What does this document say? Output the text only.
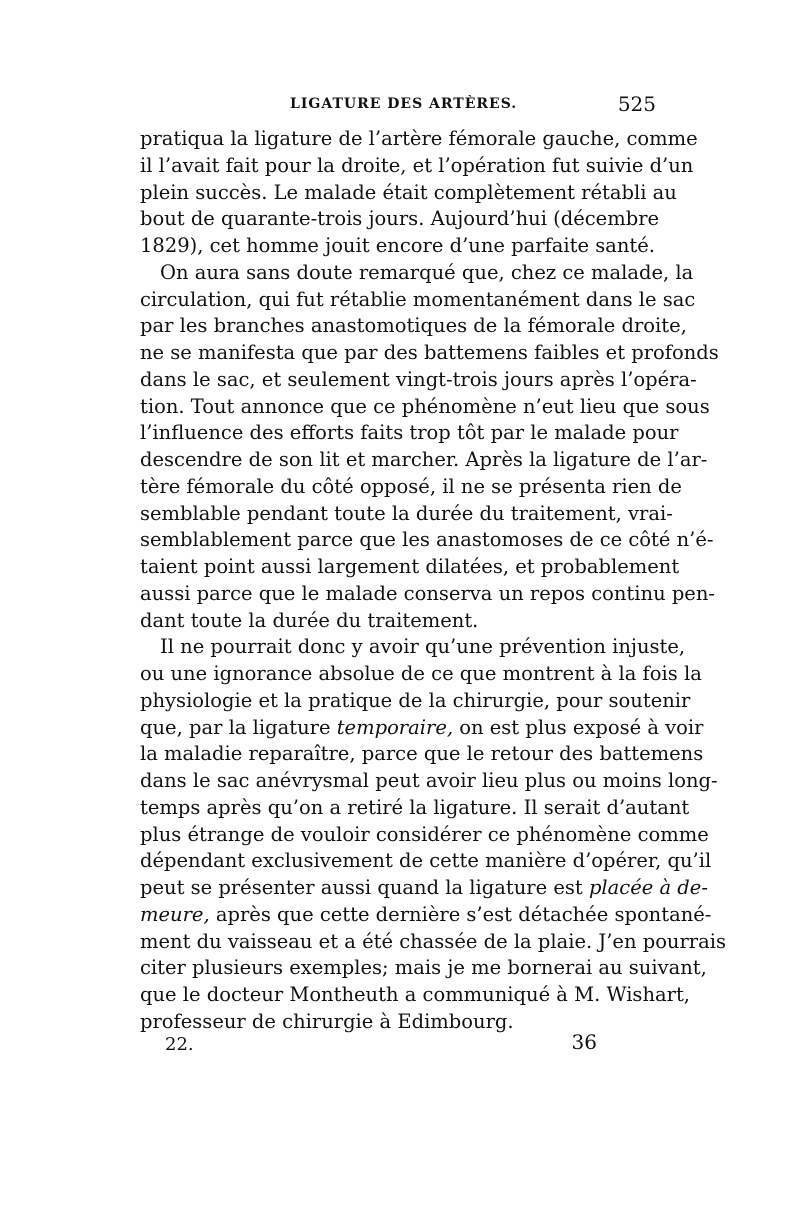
LIGATURE DES ARTÈRES.	525
pratiqua la ligature de l’artère fémorale gauche, comme
il l’avait fait pour la droite, et l’opération fut suivie d’un
plein succès. Le malade était complètement rétabli au
bout de quarante-trois jours. Aujourd’hui (décembre
1829), cet homme jouit encore d’une parfaite santé.
On aura sans doute remarqué que, chez ce malade, la
circulation, qui fut rétablie momentanément dans le sac
par les branches anastomotiques de la fémorale droite,
ne se manifesta que par des battemens faibles et profonds
dans le sac, et seulement vingt-trois jours après l’opéra-
tion. Tout annonce que ce phénomène n’eut lieu que sous
l’influence des efforts faits trop tôt par le malade pour
descendre de son lit et marcher. Après la ligature de l’ar-
tère fémorale du côté opposé, il ne se présenta rien de
semblable pendant toute la durée du traitement, vrai-
semblablement parce que les anastomoses de ce côté n’é-
taient point aussi largement dilatées, et probablement
aussi parce que le malade conserva un repos continu pen-
dant toute la durée du traitement.
Il ne pourrait donc y avoir qu’une prévention injuste,
ou une ignorance absolue de ce que montrent à la fois la
physiologie et la pratique de la chirurgie, pour soutenir
que, par la ligature temporaire, on est plus exposé à voir
la maladie reparaître, parce que le retour des battemens
dans le sac anévrysmal peut avoir lieu plus ou moins long-
temps après qu’on a retiré la ligature. Il serait d’autant
plus étrange de vouloir considérer ce phénomène comme
dépendant exclusivement de cette manière d’opérer, qu’il
peut se présenter aussi quand la ligature est placée à de-
meure, après que cette dernière s’est détachée spontané-
ment du vaisseau et a été chassée de la plaie. J’en pourrais
citer plusieurs exemples; mais je me bornerai au suivant,
que le docteur Montheuth a communiqué à M. Wishart,
professeur de chirurgie à Edimbourg.
22.	36
